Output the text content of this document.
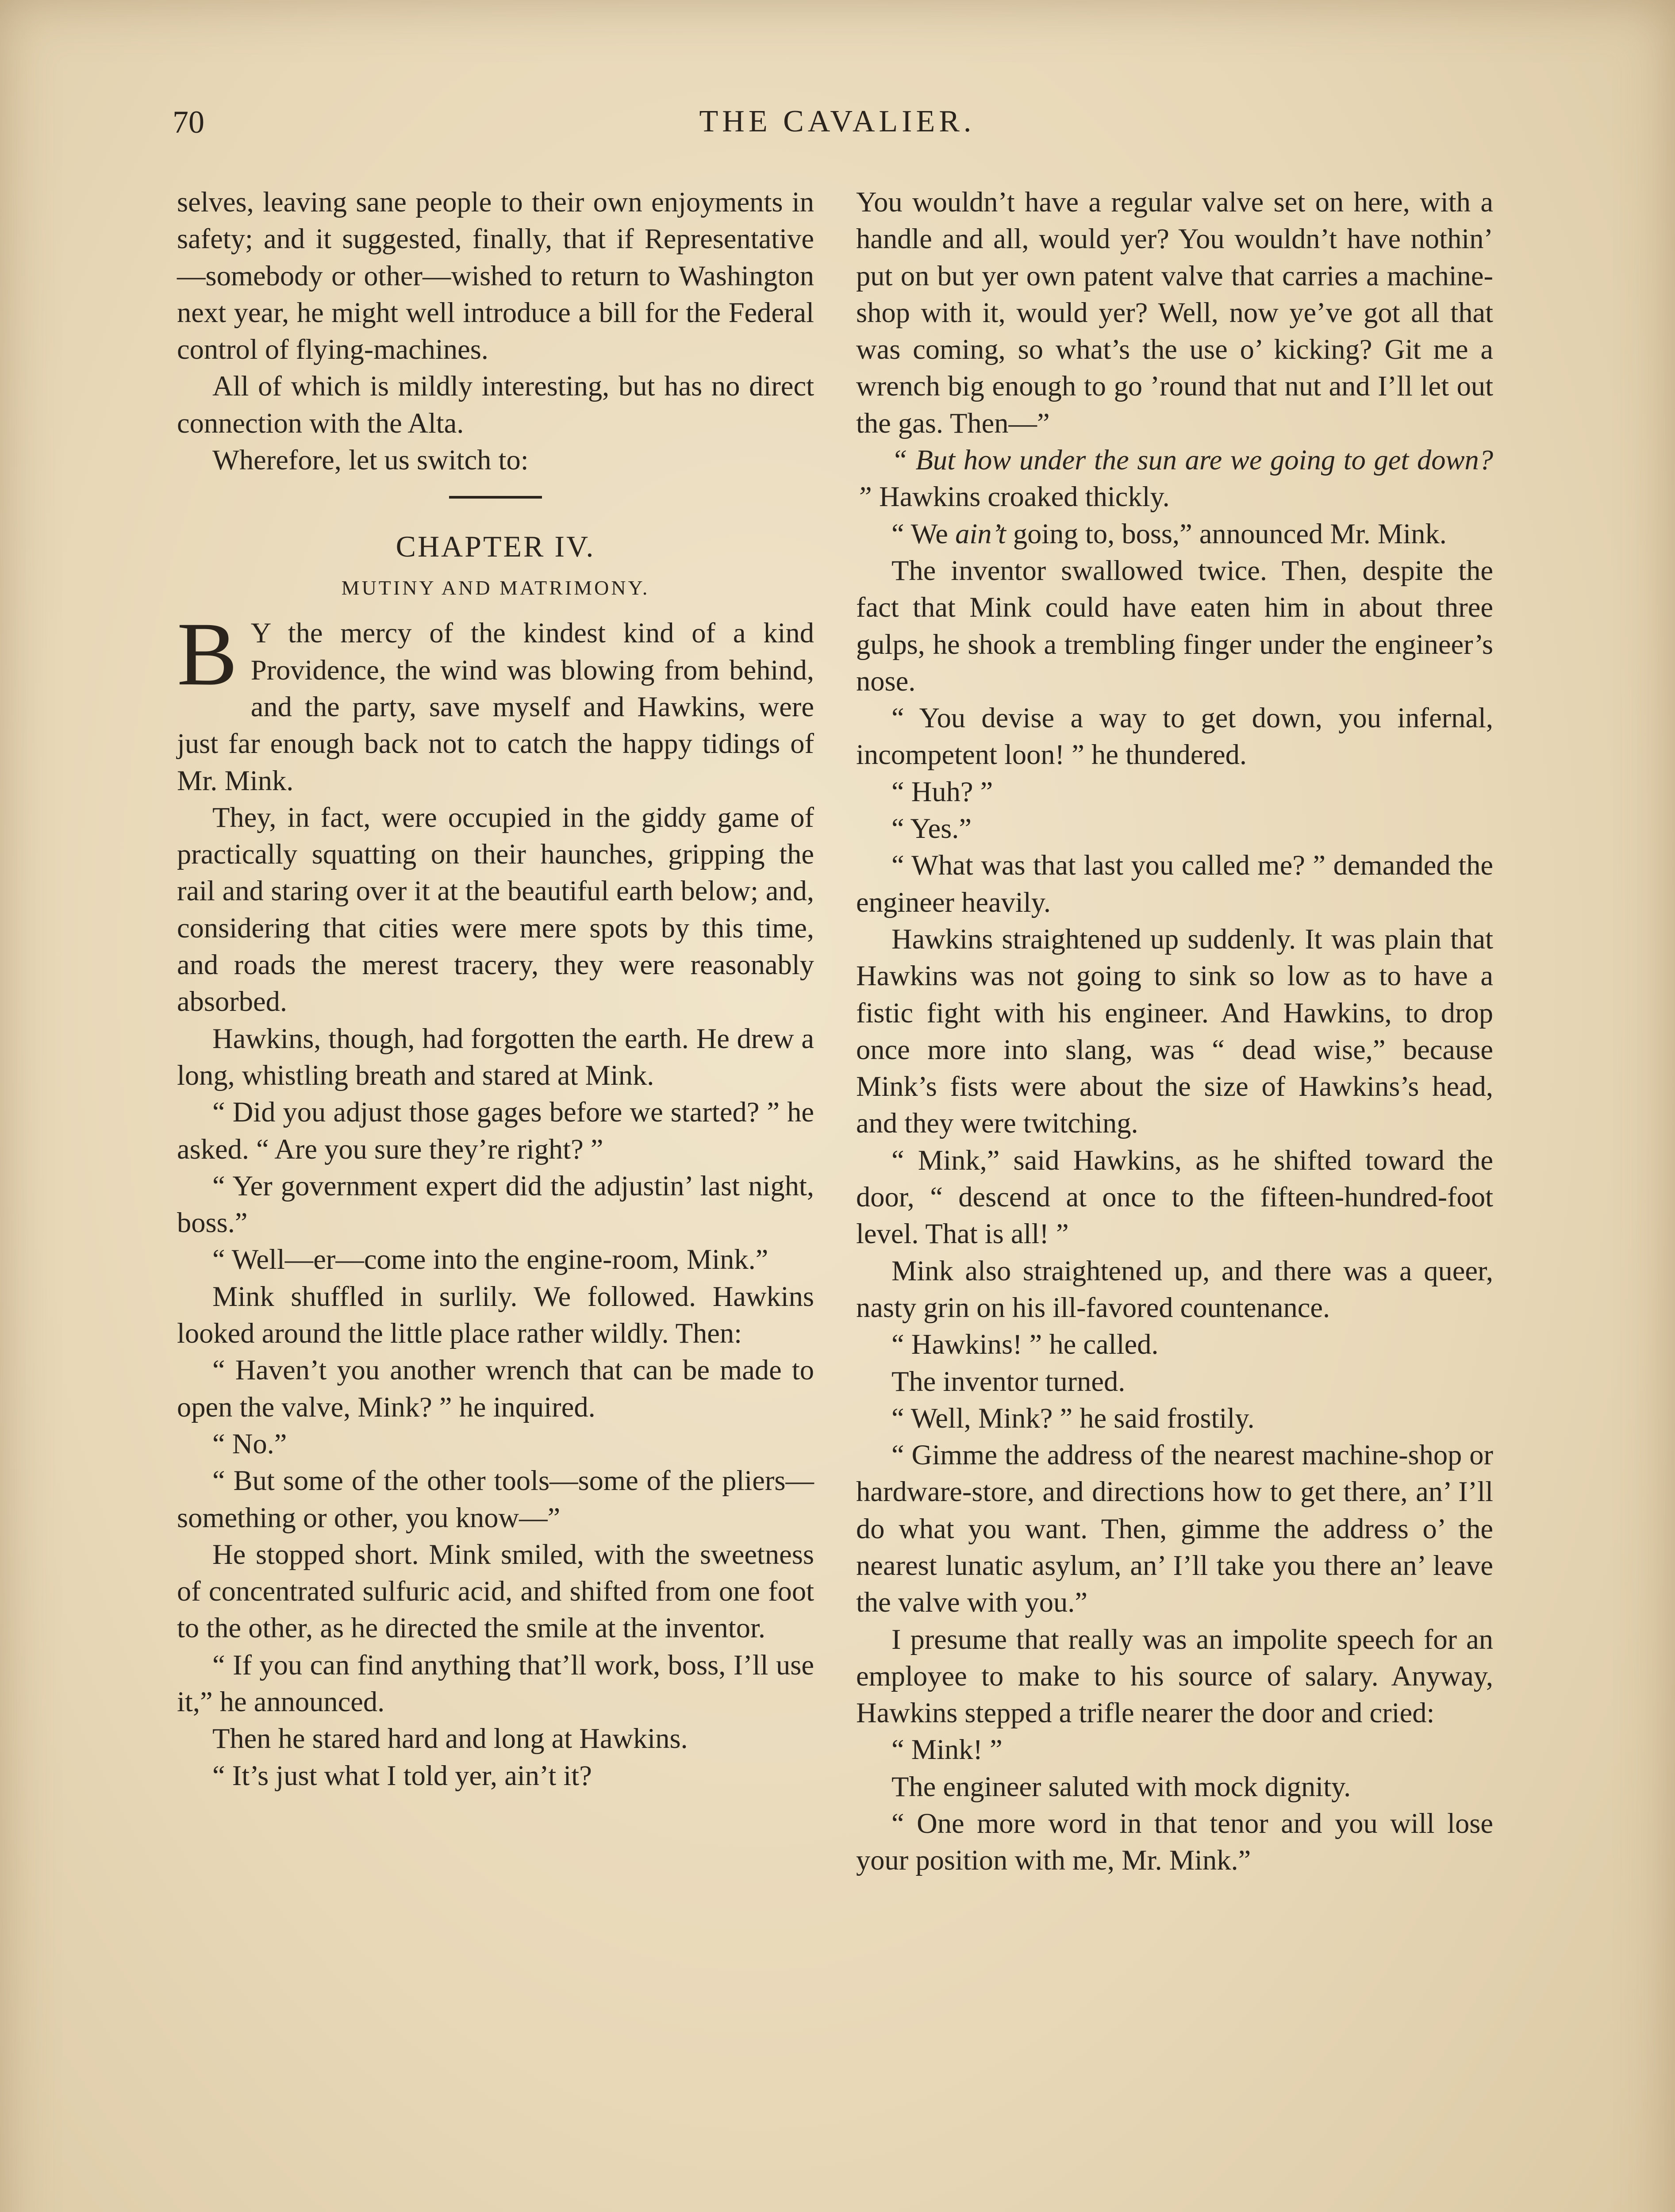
70	THE CAVALIER.

selves, leaving sane people to their own enjoyments in safety; and it suggested, finally, that if Representative—somebody or other—wished to return to Washington next year, he might well introduce a bill for the Federal control of flying-machines.

All of which is mildly interesting, but has no direct connection with the Alta.

Wherefore, let us switch to:

CHAPTER IV.
MUTINY AND MATRIMONY.
B Y the mercy of the kindest kind of a kind Providence, the wind was blowing from behind, and the party, save myself and Hawkins, were just far enough back not to catch the happy tidings of Mr. Mink.

They, in fact, were occupied in the giddy game of practically squatting on their haunches, gripping the rail and staring over it at the beautiful earth below; and, considering that cities were mere spots by this time, and roads the merest tracery, they were reasonably absorbed.

Hawkins, though, had forgotten the earth. He drew a long, whistling breath and stared at Mink.

“ Did you adjust those gages before we started? ” he asked. “ Are you sure they’re right? ”

“ Yer government expert did the adjustin’ last night, boss.”

“ Well—er—come into the engine-room, Mink.”

Mink shuffled in surlily. We followed. Hawkins looked around the little place rather wildly. Then:

“ Haven’t you another wrench that can be made to open the valve, Mink? ” he inquired.

“ No.”

“ But some of the other tools—some of the pliers—something or other, you know—”

He stopped short. Mink smiled, with the sweetness of concentrated sulfuric acid, and shifted from one foot to the other, as he directed the smile at the inventor.

“ If you can find anything that’ll work, boss, I’ll use it,” he announced.

Then he stared hard and long at Hawkins.

“ It’s just what I told yer, ain’t it?

You wouldn’t have a regular valve set on here, with a handle and all, would yer? You wouldn’t have nothin’ put on but yer own patent valve that carries a machine-shop with it, would yer? Well, now ye’ve got all that was coming, so what’s the use o’ kicking? Git me a wrench big enough to go ’round that nut and I’ll let out the gas. Then—”

“ But how under the sun are we going to get down? ” Hawkins croaked thickly.

“ We ain’t going to, boss,” announced Mr. Mink.

The inventor swallowed twice. Then, despite the fact that Mink could have eaten him in about three gulps, he shook a trembling finger under the engineer’s nose.

“ You devise a way to get down, you infernal, incompetent loon! ” he thundered.

“ Huh? ”

“ Yes.”

“ What was that last you called me? ” demanded the engineer heavily.

Hawkins straightened up suddenly. It was plain that Hawkins was not going to sink so low as to have a fistic fight with his engineer. And Hawkins, to drop once more into slang, was “ dead wise,” because Mink’s fists were about the size of Hawkins’s head, and they were twitching.

“ Mink,” said Hawkins, as he shifted toward the door, “ descend at once to the fifteen-hundred-foot level. That is all! ”

Mink also straightened up, and there was a queer, nasty grin on his ill-favored countenance.

“ Hawkins! ” he called.

The inventor turned.

“ Well, Mink? ” he said frostily.

“ Gimme the address of the nearest machine-shop or hardware-store, and directions how to get there, an’ I’ll do what you want. Then, gimme the address o’ the nearest lunatic asylum, an’ I’ll take you there an’ leave the valve with you.”

I presume that really was an impolite speech for an employee to make to his source of salary. Anyway, Hawkins stepped a trifle nearer the door and cried:

“ Mink! ”

The engineer saluted with mock dignity.

“ One more word in that tenor and you will lose your position with me, Mr. Mink.”
